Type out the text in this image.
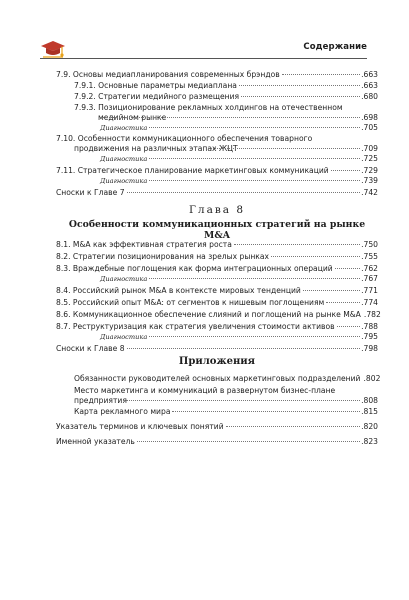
Содержание
7.9. Основы медиапланирования современных брэндов	.663
7.9.1. Основные параметры медиаплана	.663
7.9.2. Стратегии медийного размещения	.680
7.9.3. Позиционирование рекламных холдингов на отечественном медийном рынке	.698
Диагностика	.705
7.10. Особенности коммуникационного обеспечения товарного продвижения на различных этапах ЖЦТ	.709
Диагностика	.725
7.11. Стратегическое планирование маркетинговых коммуникаций	.729
Диагностика	.739
Сноски к Главе 7	.742
Глава 8
Особенности коммуникационных стратегий на рынке M&A
8.1. M&A как эффективная стратегия роста	.750
8.2. Стратегии позиционирования на зрелых рынках	.755
8.3. Враждебные поглощения как форма интеграционных операций	.762
Диагностика	.767
8.4. Российский рынок M&A в контексте мировых тенденций	.771
8.5. Российский опыт M&A: от сегментов к нишевым поглощениям	.774
8.6. Коммуникационное обеспечение слияний и поглощений на рынке M&A .782
8.7. Реструктуризация как стратегия увеличения стоимости активов	.788
Диагностика	.795
Сноски к Главе 8	.798
Приложения
Обязанности руководителей основных маркетинговых подразделений .802
Место маркетинга и коммуникаций в развернутом бизнес-плане предприятия	.808
Карта рекламного мира	.815
Указатель терминов и ключевых понятий	.820
Именной указатель	.823
